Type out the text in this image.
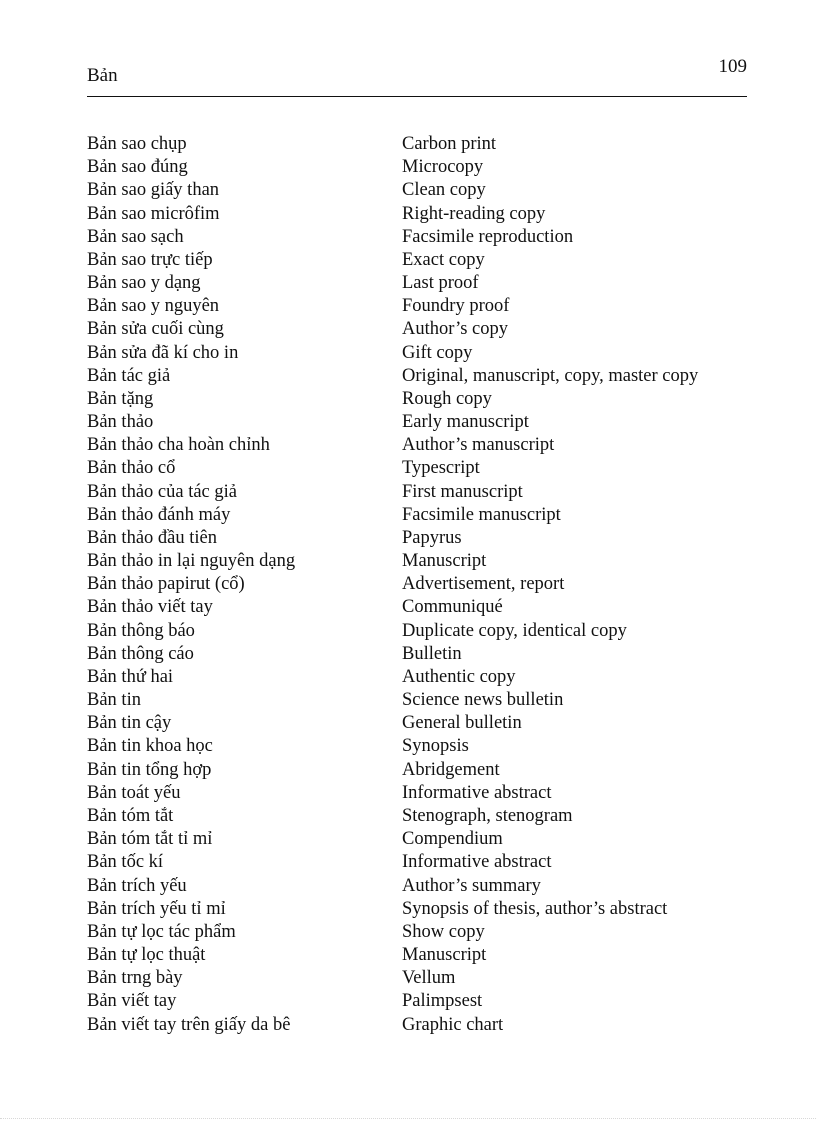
Bản	109
Bản sao chụp	Carbon print
Bản sao đúng	Microcopy
Bản sao giấy than	Clean copy
Bản sao micrôfim	Right-reading copy
Bản sao sạch	Facsimile reproduction
Bản sao trực tiếp	Exact copy
Bản sao y dạng	Last proof
Bản sao y nguyên	Foundry proof
Bản sửa cuối cùng	Author’s copy
Bản sửa đã kí cho in	Gift copy
Bản tác giả	Original, manuscript, copy, master copy
Bản tặng	Rough copy
Bản thảo	Early manuscript
Bản thảo cha hoàn chỉnh	Author’s manuscript
Bản thảo cổ	Typescript
Bản thảo của tác giả	First manuscript
Bản thảo đánh máy	Facsimile manuscript
Bản thảo đầu tiên	Papyrus
Bản thảo in lại nguyên dạng	Manuscript
Bản thảo papirut (cổ)	Advertisement, report
Bản thảo viết tay	Communiqué
Bản thông báo	Duplicate copy, identical copy
Bản thông cáo	Bulletin
Bản thứ hai	Authentic copy
Bản tin	Science news bulletin
Bản tin cậy	General bulletin
Bản tin khoa học	Synopsis
Bản tin tổng hợp	Abridgement
Bản toát yếu	Informative abstract
Bản tóm tắt	Stenograph, stenogram
Bản tóm tắt tỉ mỉ	Compendium
Bản tốc kí	Informative abstract
Bản trích yếu	Author’s summary
Bản trích yếu tỉ mỉ	Synopsis of thesis, author’s abstract
Bản tự lọc tác phẩm	Show copy
Bản tự lọc thuật	Manuscript
Bản trng bày	Vellum
Bản viết tay	Palimpsest
Bản viết tay trên giấy da bê	Graphic chart
